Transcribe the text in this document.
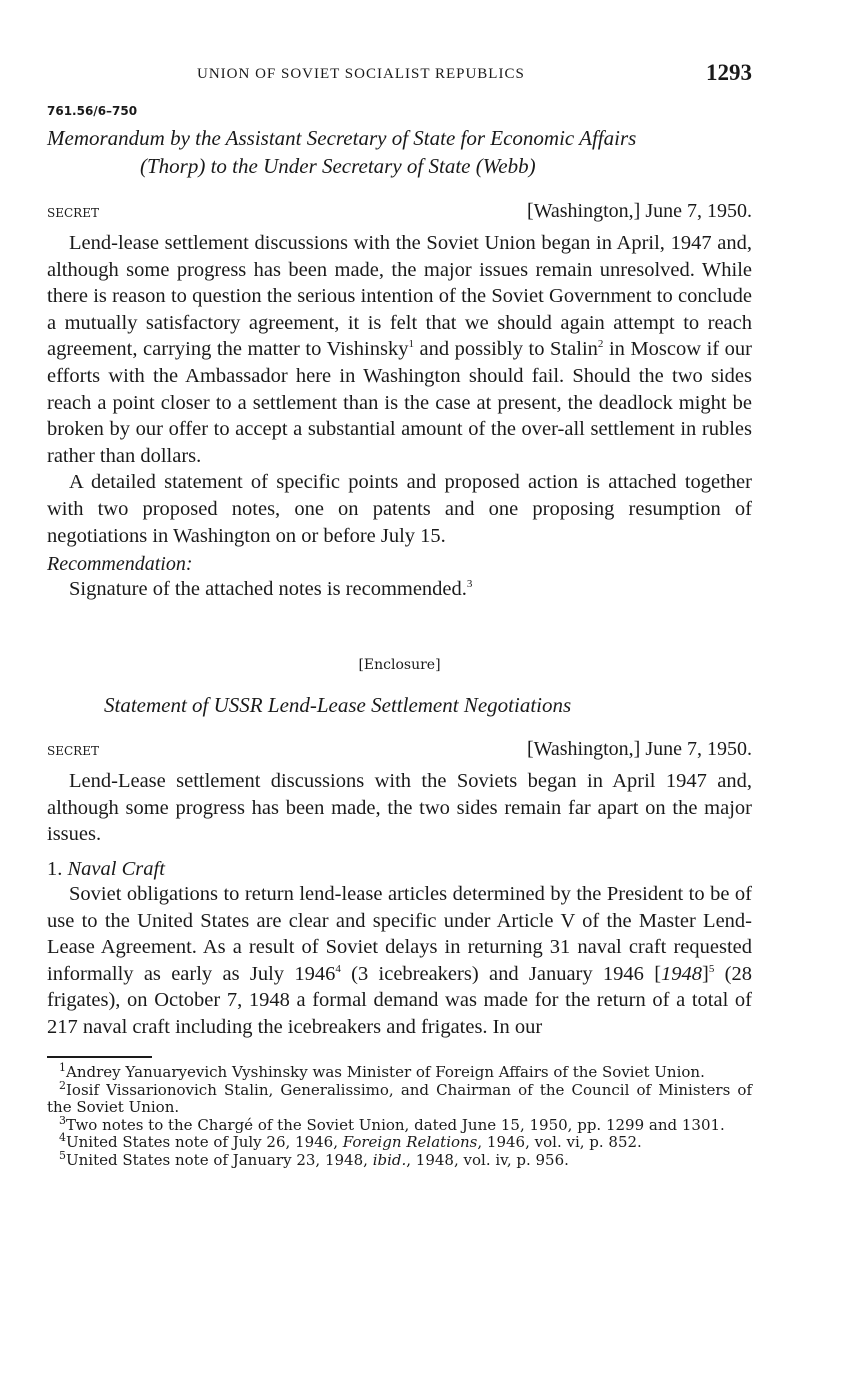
UNION OF SOVIET SOCIALIST REPUBLICS	1293
761.56/6–750
Memorandum by the Assistant Secretary of State for Economic Affairs
(Thorp) to the Under Secretary of State (Webb)
SECRET	[Washington,] June 7, 1950.

Lend-lease settlement discussions with the Soviet Union began in April, 1947 and, although some progress has been made, the major issues remain unresolved. While there is reason to question the serious intention of the Soviet Government to conclude a mutually satisfactory agreement, it is felt that we should again attempt to reach agreement, carrying the matter to Vishinsky$^1$ and possibly to Stalin$^2$ in Moscow if our efforts with the Ambassador here in Washington should fail. Should the two sides reach a point closer to a settlement than is the case at present, the deadlock might be broken by our offer to accept a substantial amount of the over-all settlement in rubles rather than dollars.

A detailed statement of specific points and proposed action is attached together with two proposed notes, one on patents and one proposing resumption of negotiations in Washington on or before July 15.

Recommendation:
Signature of the attached notes is recommended.$^3$
[Enclosure]
Statement of USSR Lend-Lease Settlement Negotiations
SECRET	[Washington,] June 7, 1950.

Lend-Lease settlement discussions with the Soviets began in April 1947 and, although some progress has been made, the two sides remain far apart on the major issues.

1. Naval Craft

Soviet obligations to return lend-lease articles determined by the President to be of use to the United States are clear and specific under Article V of the Master Lend-Lease Agreement. As a result of Soviet delays in returning 31 naval craft requested informally as early as July 1946$^4$ (3 icebreakers) and January 1946 $[1948]^5$ (28 frigates), on October 7, 1948 a formal demand was made for the return of a total of 217 naval craft including the icebreakers and frigates. In our

$^1$Andrey Yanuaryevich Vyshinsky was Minister of Foreign Affairs of the Soviet Union.

$^2$Iosif Vissarionovich Stalin, Generalissimo, and Chairman of the Council of Ministers of the Soviet Union.

$^3$Two notes to the Chargé of the Soviet Union, dated June 15, 1950, pp. 1299 and 1301.

$^4$United States note of July 26, 1946, Foreign Relations, 1946, vol. vi, p. 852.

$^5$United States note of January 23, 1948, ibid., 1948, vol. iv, p. 956.
